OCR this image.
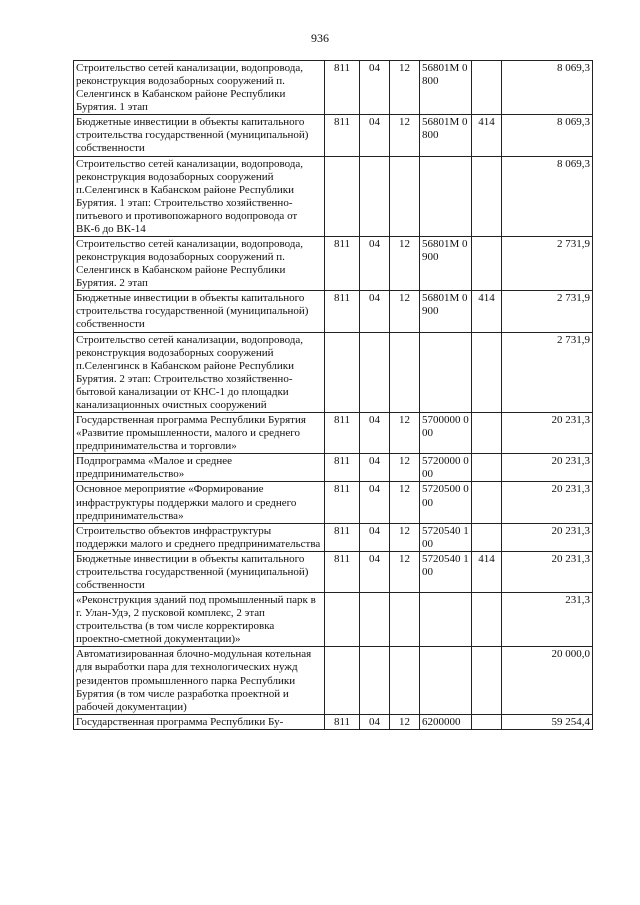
936
Строительство сетей канализации, водопровода, реконструкция водозаборных сооружений п. Селенгинск в Кабанском районе Республики Бурятия. 1 этап	811	04	12	56801M 0800		8 069,3
Бюджетные инвестиции в объекты капитального строительства государственной (муниципальной) собственности	811	04	12	56801M 0800	414	8 069,3
Строительство сетей канализации, водопровода, реконструкция водозаборных сооружений п.Селенгинск в Кабанском районе Республики Бурятия. 1 этап: Строительство хозяйственно-питьевого и противопожарного водопровода от ВК-6 до ВК-14						8 069,3
Строительство сетей канализации, водопровода, реконструкция водозаборных сооружений п. Селенгинск в Кабанском районе Республики Бурятия. 2 этап	811	04	12	56801M 0900		2 731,9
Бюджетные инвестиции в объекты капитального строительства государственной (муниципальной) собственности	811	04	12	56801M 0900	414	2 731,9
Строительство сетей канализации, водопровода, реконструкция водозаборных сооружений п.Селенгинск в Кабанском районе Республики Бурятия. 2 этап: Строительство хозяйственно-бытовой канализации от КНС-1 до площадки канализационных очистных сооружений						2 731,9
Государственная программа Республики Бурятия «Развитие промышленности, малого и среднего предпринимательства и торговли»	811	04	12	5700000 000		20 231,3
Подпрограмма «Малое и среднее предпринимательство»	811	04	12	5720000 000		20 231,3
Основное мероприятие «Формирование инфраструктуры поддержки малого и среднего предпринимательства»	811	04	12	5720500 000		20 231,3
Строительство объектов инфраструктуры поддержки малого и среднего предпринимательства	811	04	12	5720540 100		20 231,3
Бюджетные инвестиции в объекты капитального строительства государственной (муниципальной) собственности	811	04	12	5720540 100	414	20 231,3
«Реконструкция зданий под промышленный парк в г. Улан-Удэ, 2 пусковой комплекс, 2 этап строительства (в том числе корректировка проектно-сметной документации)»						231,3
Автоматизированная блочно-модульная котельная для выработки пара для технологических нужд резидентов промышленного парка Республики Бурятия (в том числе разработка проектной и рабочей документации)						20 000,0
Государственная программа Республики Бу-	811	04	12	6200000		59 254,4
